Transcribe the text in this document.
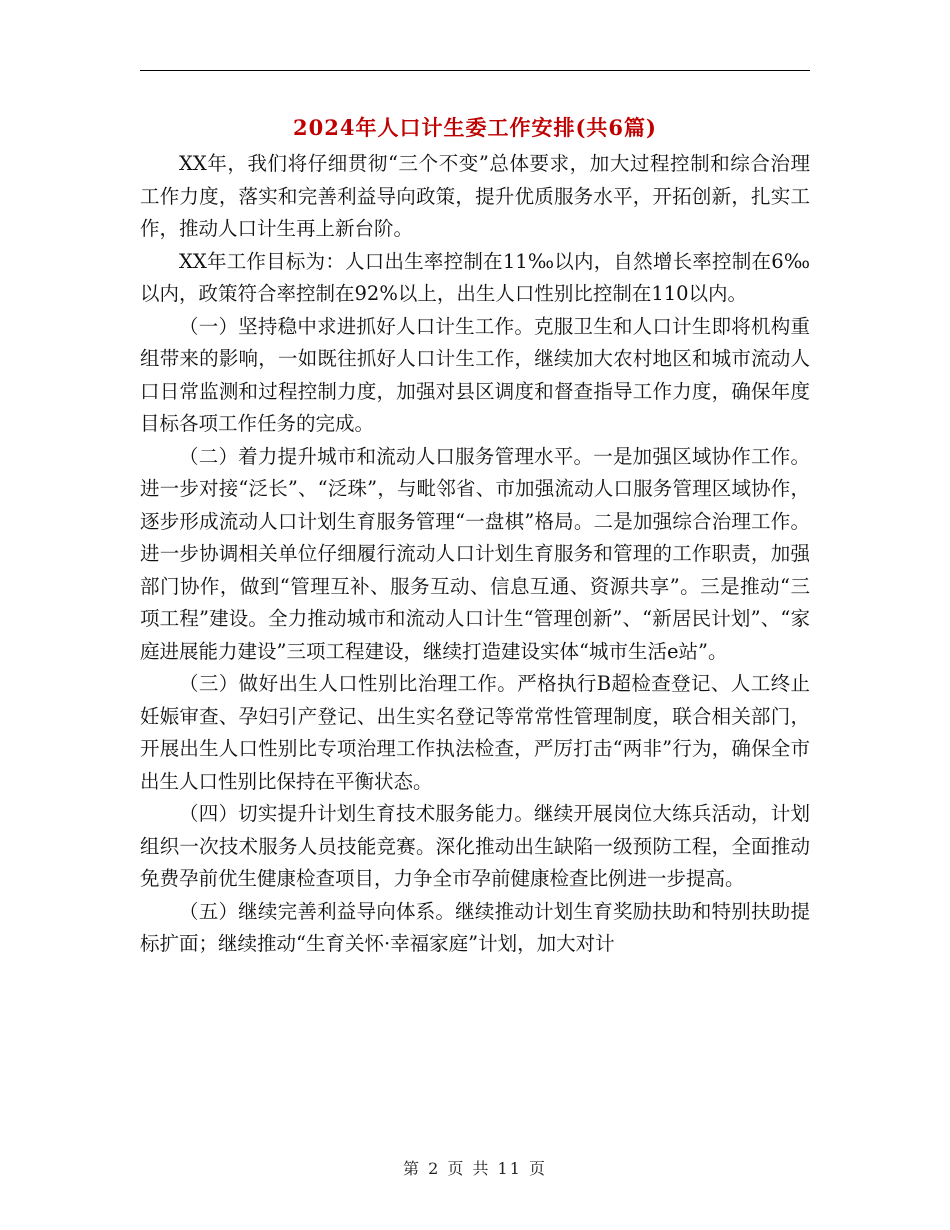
2024年人口计生委工作安排(共6篇)

XX年，我们将仔细贯彻“三个不变”总体要求，加大过程控制和综合治理工作力度，落实和完善利益导向政策，提升优质服务水平，开拓创新，扎实工作，推动人口计生再上新台阶。

XX年工作目标为：人口出生率控制在11‰以内，自然增长率控制在6‰以内，政策符合率控制在92%以上，出生人口性别比控制在110以内。

（一）坚持稳中求进抓好人口计生工作。克服卫生和人口计生即将机构重组带来的影响，一如既往抓好人口计生工作，继续加大农村地区和城市流动人口日常监测和过程控制力度，加强对县区调度和督查指导工作力度，确保年度目标各项工作任务的完成。

（二）着力提升城市和流动人口服务管理水平。一是加强区域协作工作。进一步对接“泛长”、“泛珠”，与毗邻省、市加强流动人口服务管理区域协作，逐步形成流动人口计划生育服务管理“一盘棋”格局。二是加强综合治理工作。进一步协调相关单位仔细履行流动人口计划生育服务和管理的工作职责，加强部门协作，做到“管理互补、服务互动、信息互通、资源共享”。三是推动“三项工程”建设。全力推动城市和流动人口计生“管理创新”、“新居民计划”、“家庭进展能力建设”三项工程建设，继续打造建设实体“城市生活e站”。

（三）做好出生人口性别比治理工作。严格执行B超检查登记、人工终止妊娠审查、孕妇引产登记、出生实名登记等常常性管理制度，联合相关部门，开展出生人口性别比专项治理工作执法检查，严厉打击“两非”行为，确保全市出生人口性别比保持在平衡状态。

（四）切实提升计划生育技术服务能力。继续开展岗位大练兵活动，计划组织一次技术服务人员技能竞赛。深化推动出生缺陷一级预防工程，全面推动免费孕前优生健康检查项目，力争全市孕前健康检查比例进一步提高。

（五）继续完善利益导向体系。继续推动计划生育奖励扶助和特别扶助提标扩面；继续推动“生育关怀·幸福家庭”计划，加大对计

第 2 页 共 11 页
